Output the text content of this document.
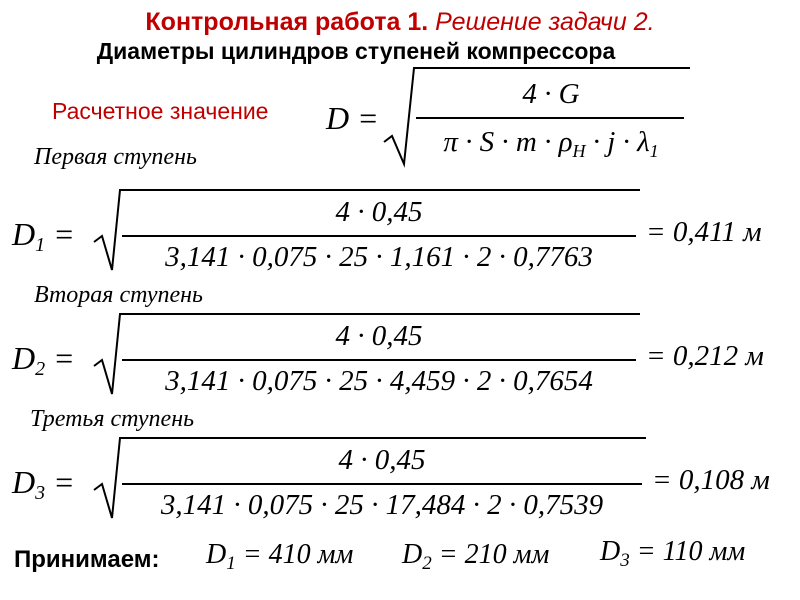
Контрольная работа 1. Решение задачи 2.
Диаметры цилиндров ступеней компрессора
Расчетное значение D =
4 · G
$\pi \cdot S \cdot m \cdot \rho_H \cdot j \cdot \lambda_1$
Первая ступень
$D_1$ =
4 · 0,45
3,141 · 0,075 · 25 · 1,161 · 2 · 0,7763
= 0,411 м
Вторая ступень
$D_2$ =
4 · 0,45
3,141 · 0,075 · 25 · 4,459 · 2 · 0,7654
= 0,212 м
Третья ступень
$D_3$ =
4 · 0,45
3,141 · 0,075 · 25 · 17,484 · 2 · 0,7539
= 0,108 м
Принимаем: $D_1 = 410$ мм $D_2 = 210$ мм $D_3 = 110$ мм
